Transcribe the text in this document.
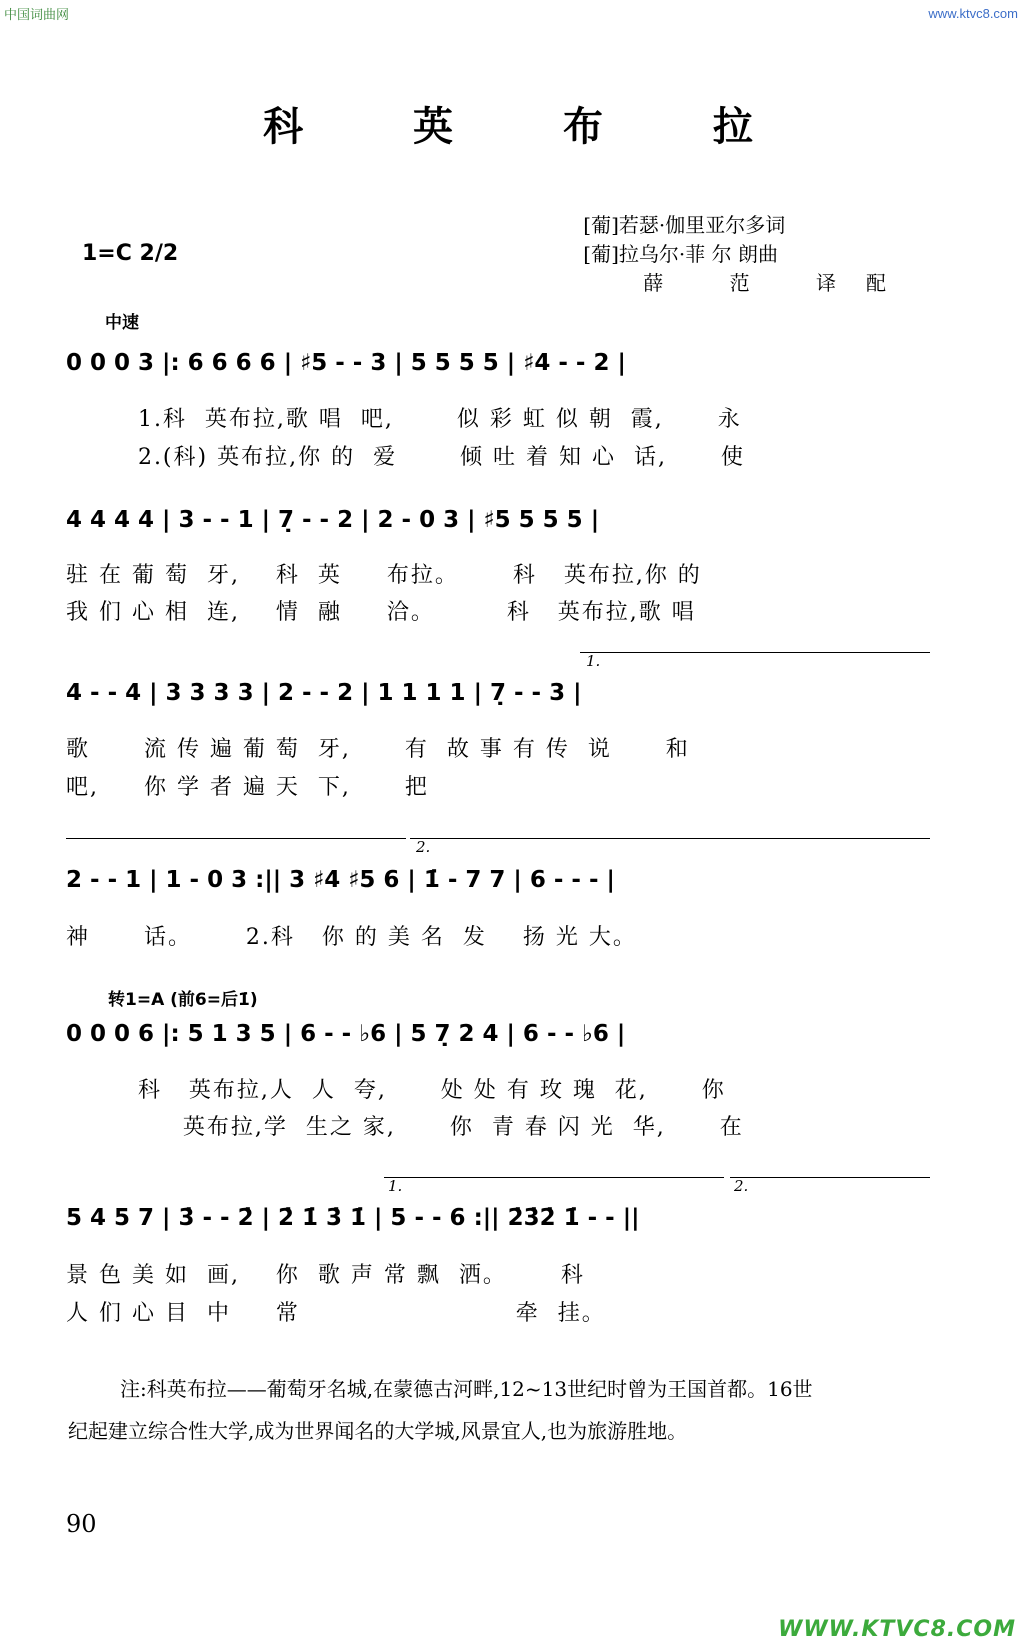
中国词曲网	www.ktvc8.com
WWW.KTVC8.COM
科 英 布 拉
[葡]若瑟·伽里亚尔多词
[葡]拉乌尔·菲 尔 朗曲
薛 范 译配
1=C 2/2
中速
0 0 0 3 |: 6 6 6 6 | ♯5 - - 3 | 5 5 5 5 | ♯4 - - 2 |
1.科  英布拉,歌 唱  吧,       似 彩 虹 似 朝  霞,      永
2.(科) 英布拉,你 的  爱       倾 吐 着 知 心  话,      使
4 4 4 4 | 3 - - 1 | 7̣ - - 2 | 2 - 0 3 | ♯5 5 5 5 |
驻 在 葡 萄  牙,    科  英     布拉。      科   英布拉,你 的
我 们 心 相  连,    情  融     洽。        科   英布拉,歌 唱
1.
4 - - 4 | 3 3 3 3 | 2 - - 2 | 1 1 1 1 | 7̣ - - 3 |
歌      流 传 遍 葡 萄  牙,      有  故 事 有 传  说      和
吧,     你 学 者 遍 天  下,      把
2.
2 - - 1 | 1 - 0 3 :|| 3 ♯4 ♯5 6 | 1̇ - 7 7 | 6 - - - |
神      话。      2.科   你 的 美 名  发    扬 光 大。
转1=A (前6=后1̇)
0 0 0 6 |: 5 1 3 5 | 6 - - ♭6 | 5 7̣ 2 4 | 6 - - ♭6 |
科   英布拉,人  人  夸,      处 处 有 玫 瑰  花,      你
英布拉,学  生之 家,      你  青 春 闪 光  华,      在
1.	2.
5 4 5 7 | 3̇ - - 2̇ | 2̇ 1̇ 3̇ 1̇ | 5 - - 6 :|| 2̇3̇2̇ 1̇ - - ||
景 色 美 如  画,    你  歌 声 常 飘  洒。      科
人 们 心 目  中     常                        牵  挂。
注:科英布拉——葡萄牙名城,在蒙德古河畔,12~13世纪时曾为王国首都。16世
纪起建立综合性大学,成为世界闻名的大学城,风景宜人,也为旅游胜地。
90
